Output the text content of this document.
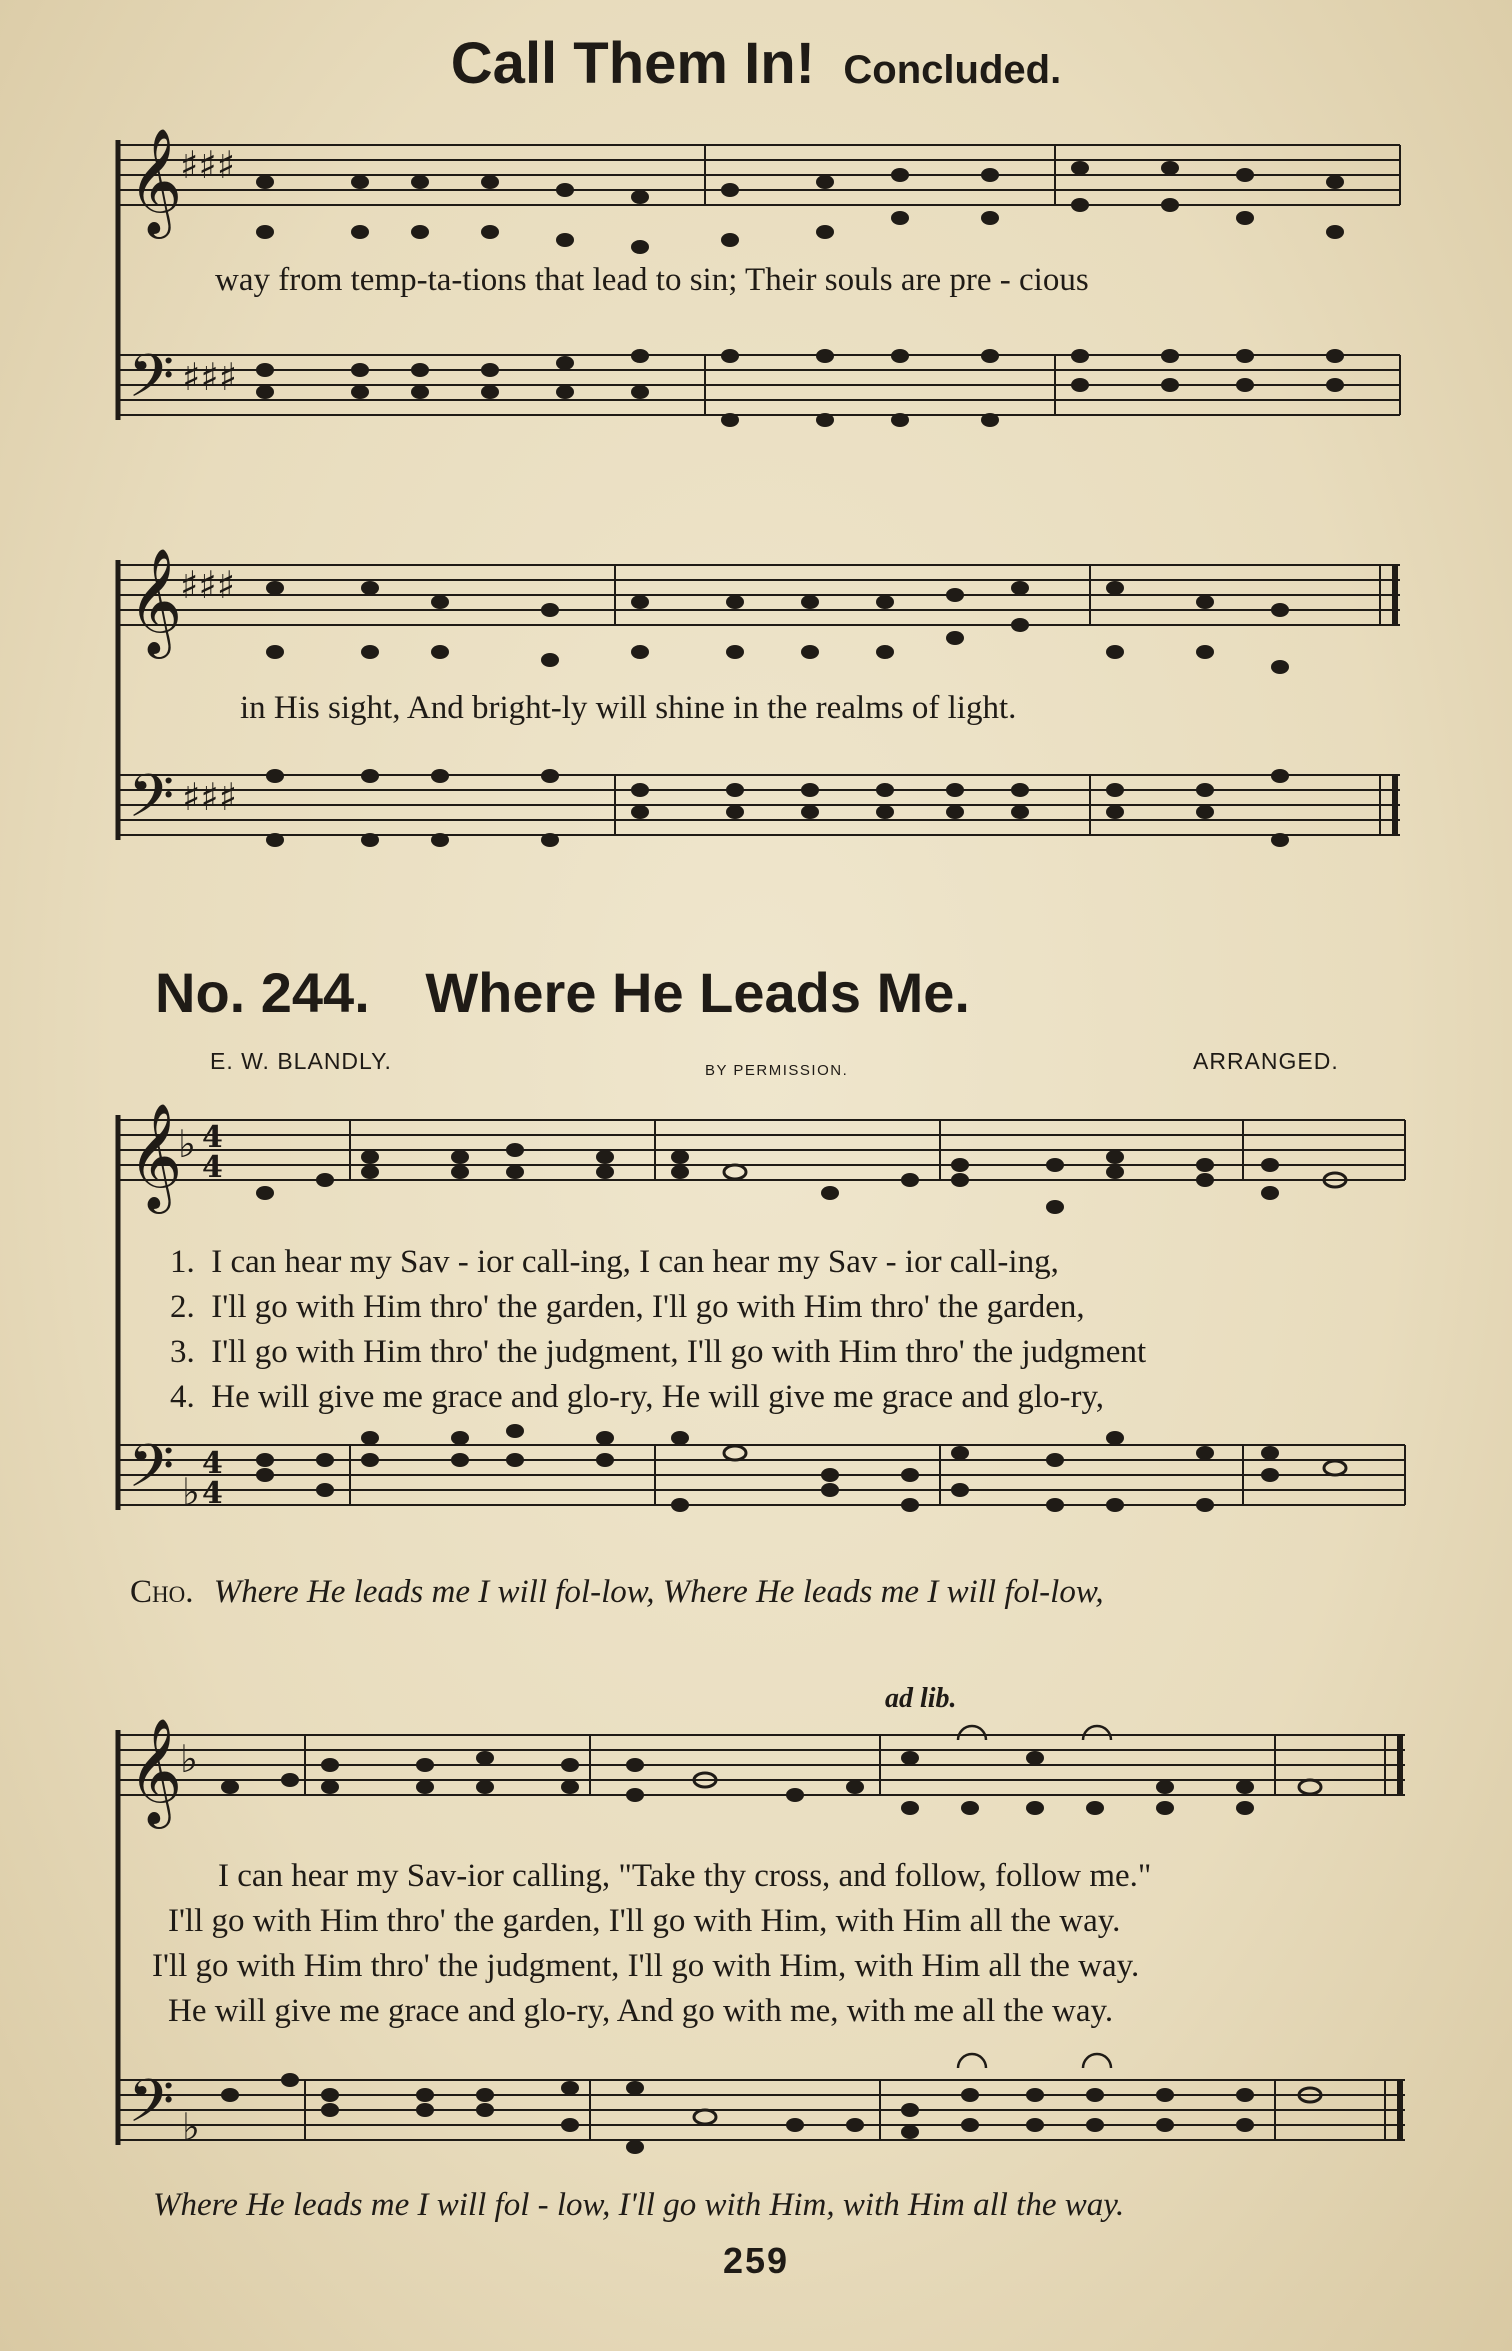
Call Them In! Concluded.
𝄞
♯♯♯
𝄢 ♯♯♯
way from temp-ta-tions that lead to sin; Their souls are pre - cious
𝄞
♯♯♯
𝄢 ♯♯♯
in His sight, And bright-ly will shine in the realms of light.
No. 244. Where He Leads Me.
E. W. BLANDLY.	BY PERMISSION.	ARRANGED.
𝄞
♭ 4
4
𝄢 ♭
4
4
1. I can hear my Sav - ior call-ing, I can hear my Sav - ior call-ing,
2. I'll go with Him thro' the garden, I'll go with Him thro' the garden,
3. I'll go with Him thro' the judgment, I'll go with Him thro' the judgment
4. He will give me grace and glo-ry, He will give me grace and glo-ry,
Cho. Where He leads me I will fol-low, Where He leads me I will fol-low,
ad lib.
𝄞
♭
𝄢 ♭
I can hear my Sav-ior calling, "Take thy cross, and follow, follow me."
I'll go with Him thro' the garden, I'll go with Him, with Him all the way.
I'll go with Him thro' the judgment, I'll go with Him, with Him all the way.
He will give me grace and glo-ry, And go with me, with me all the way.
Where He leads me I will fol - low, I'll go with Him, with Him all the way.
259
